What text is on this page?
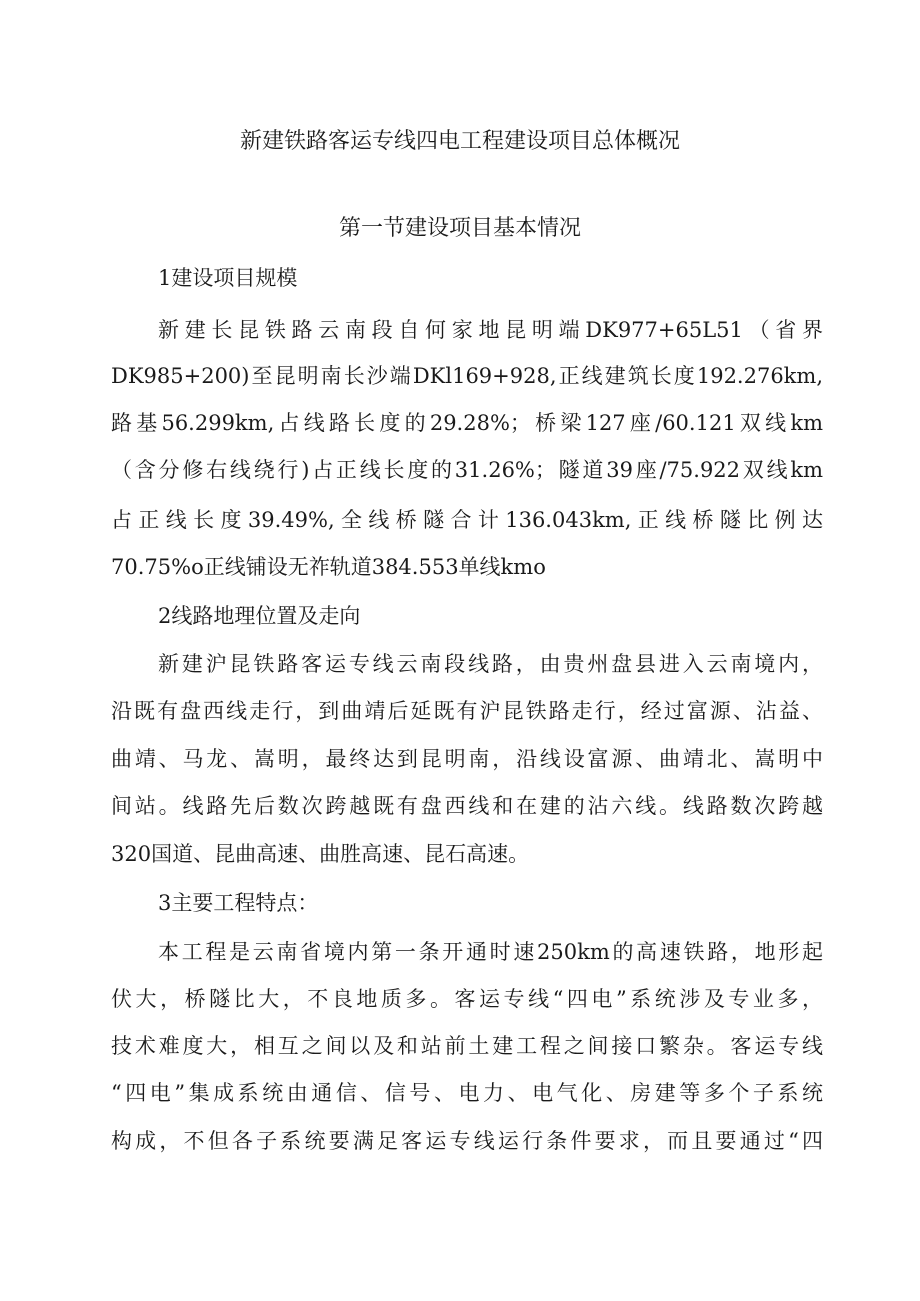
新建铁路客运专线四电工程建设项目总体概况
第一节建设项目基本情况
1建设项目规模
新建长昆铁路云南段自何家地昆明端DK977+65L51（省界
DK985+200)至昆明南长沙端DKl169+928,正线建筑长度192.276km,
路基56.299km,占线路长度的29.28%；桥梁127座/60.121双线km
（含分修右线绕行)占正线长度的31.26%；隧道39座/75.922双线km
占正线长度39.49%,全线桥隧合计136.043km,正线桥隧比例达
70.75%o正线铺设无祚轨道384.553单线kmo
2线路地理位置及走向
新建沪昆铁路客运专线云南段线路，由贵州盘县进入云南境内，
沿既有盘西线走行，到曲靖后延既有沪昆铁路走行，经过富源、沾益、
曲靖、马龙、嵩明，最终达到昆明南，沿线设富源、曲靖北、嵩明中
间站。线路先后数次跨越既有盘西线和在建的沾六线。线路数次跨越
320国道、昆曲高速、曲胜高速、昆石高速。
3主要工程特点：
本工程是云南省境内第一条开通时速250km的高速铁路，地形起
伏大，桥隧比大，不良地质多。客运专线“四电”系统涉及专业多，
技术难度大，相互之间以及和站前土建工程之间接口繁杂。客运专线
“四电”集成系统由通信、信号、电力、电气化、房建等多个子系统
构成，不但各子系统要满足客运专线运行条件要求，而且要通过“四
